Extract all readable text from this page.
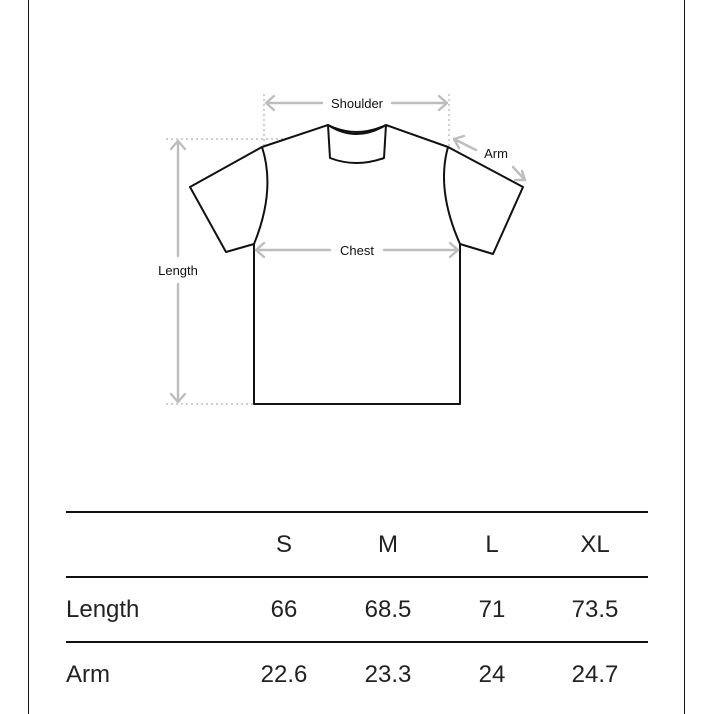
Shoulder
Arm
Chest
Length
	S	M	L	XL
Length	66	68.5	71	73.5
Arm	22.6	23.3	24	24.7
